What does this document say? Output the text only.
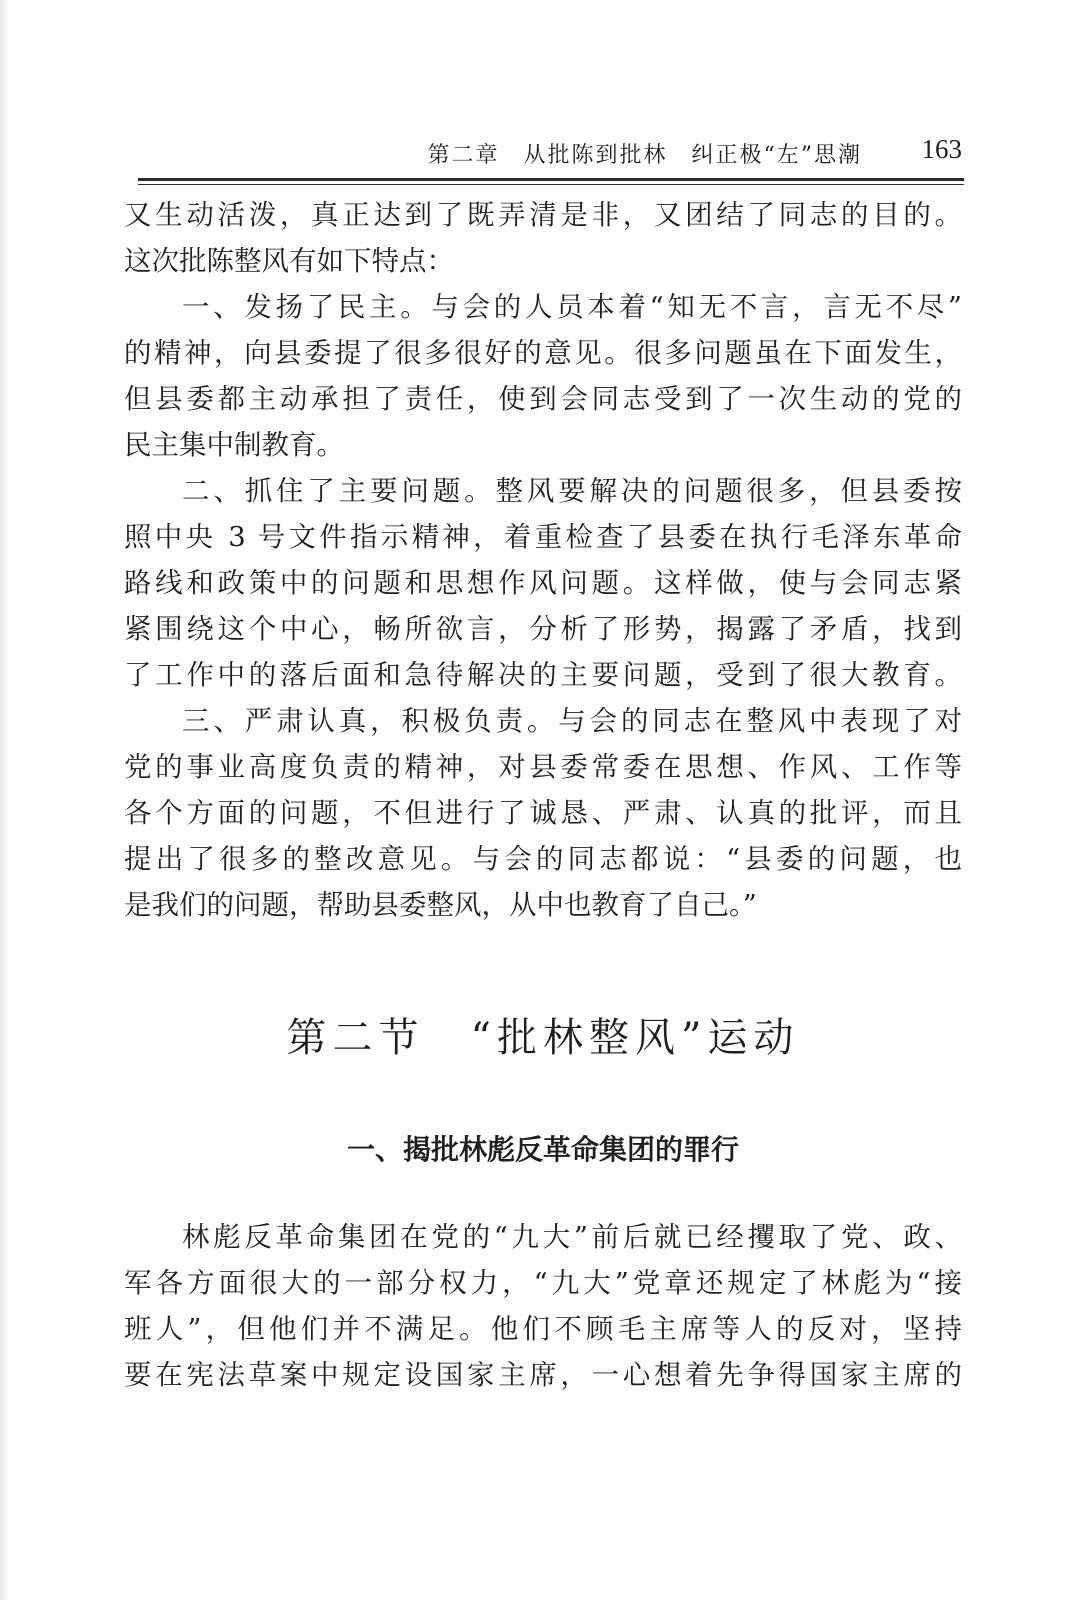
第二章　从批陈到批林　纠正极“左”思潮 163
又生动活泼，真正达到了既弄清是非，又团结了同志的目的。
这次批陈整风有如下特点：
一、发扬了民主。与会的人员本着“知无不言，言无不尽”
的精神，向县委提了很多很好的意见。很多问题虽在下面发生，
但县委都主动承担了责任，使到会同志受到了一次生动的党的
民主集中制教育。
二、抓住了主要问题。整风要解决的问题很多，但县委按
照中央 3 号文件指示精神，着重检查了县委在执行毛泽东革命
路线和政策中的问题和思想作风问题。这样做，使与会同志紧
紧围绕这个中心，畅所欲言，分析了形势，揭露了矛盾，找到
了工作中的落后面和急待解决的主要问题，受到了很大教育。
三、严肃认真，积极负责。与会的同志在整风中表现了对
党的事业高度负责的精神，对县委常委在思想、作风、工作等
各个方面的问题，不但进行了诚恳、严肃、认真的批评，而且
提出了很多的整改意见。与会的同志都说：“县委的问题，也
是我们的问题，帮助县委整风，从中也教育了自己。”
第二节　“批林整风”运动
一、揭批林彪反革命集团的罪行
林彪反革命集团在党的“九大”前后就已经攫取了党、政、
军各方面很大的一部分权力，“九大”党章还规定了林彪为“接
班人”，但他们并不满足。他们不顾毛主席等人的反对，坚持
要在宪法草案中规定设国家主席，一心想着先争得国家主席的
